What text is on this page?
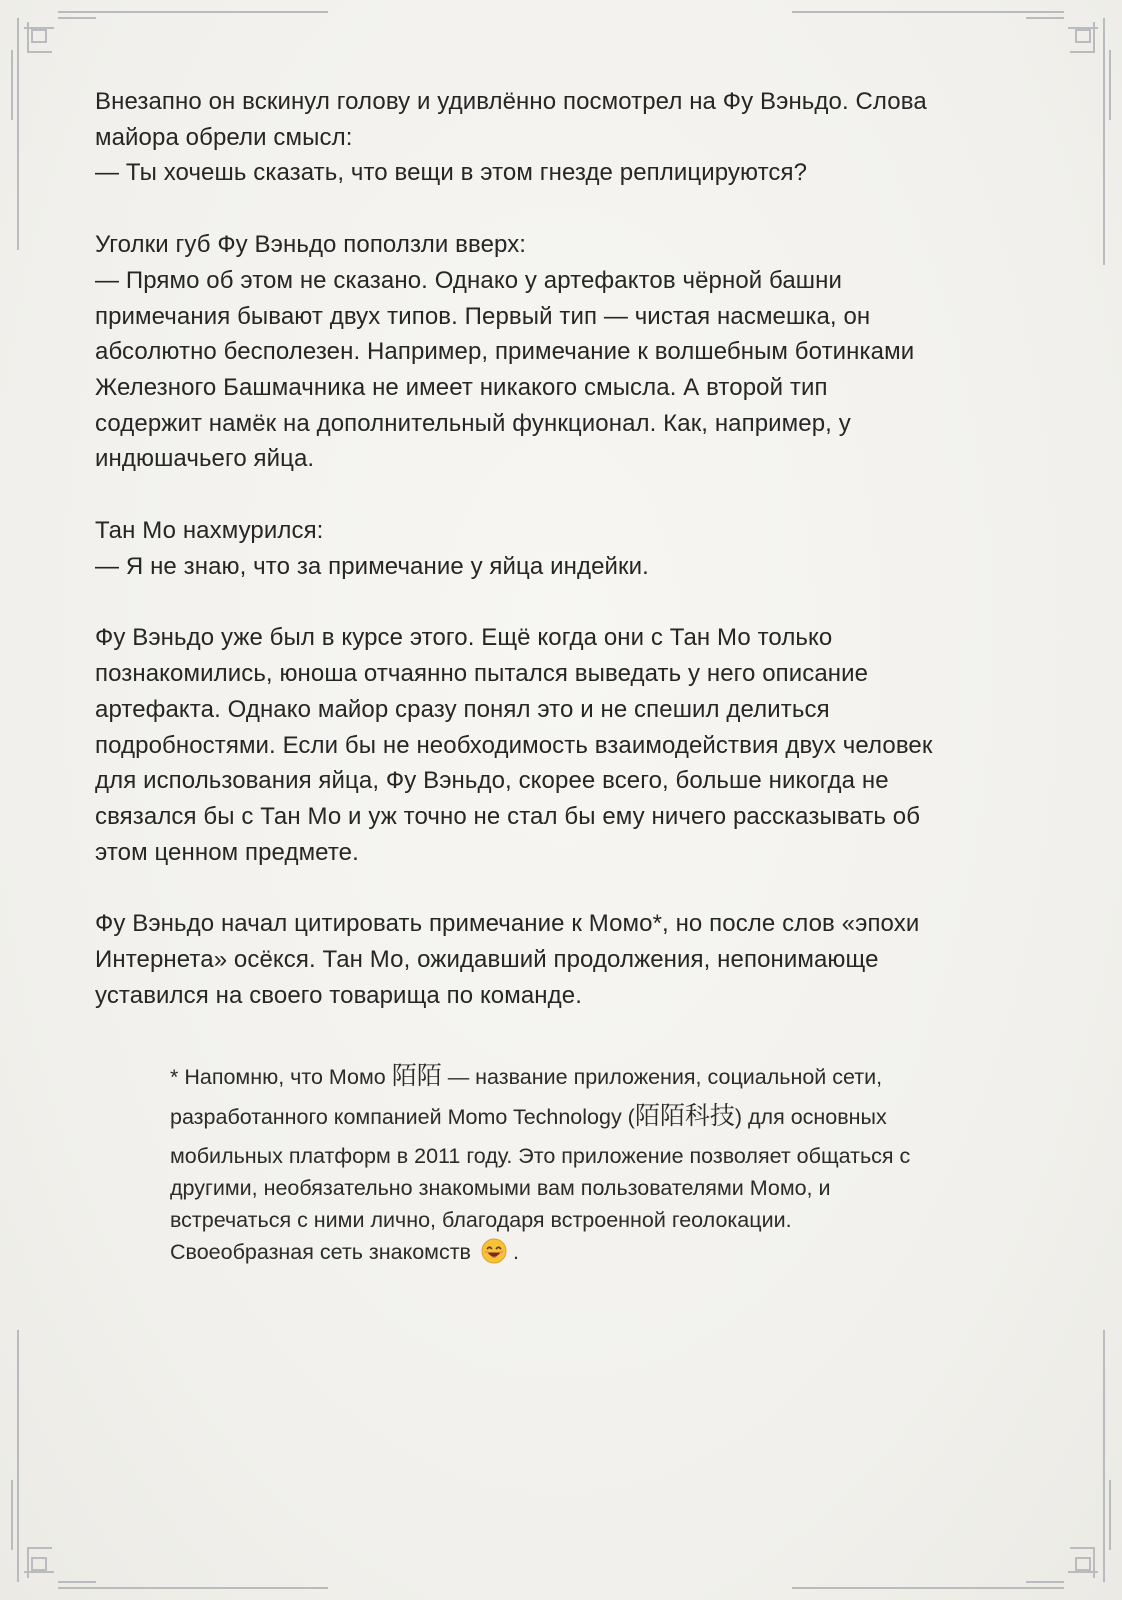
Внезапно он вскинул голову и удивлённо посмотрел на Фу Вэньдо. Слова
майора обрели смысл:
— Ты хочешь сказать, что вещи в этом гнезде реплицируются?

Уголки губ Фу Вэньдо поползли вверх:
— Прямо об этом не сказано. Однако у артефактов чёрной башни
примечания бывают двух типов. Первый тип — чистая насмешка, он
абсолютно бесполезен. Например, примечание к волшебным ботинками
Железного Башмачника не имеет никакого смысла. А второй тип
содержит намёк на дополнительный функционал. Как, например, у
индюшачьего яйца.

Тан Мо нахмурился:
— Я не знаю, что за примечание у яйца индейки.

Фу Вэньдо уже был в курсе этого. Ещё когда они с Тан Мо только
познакомились, юноша отчаянно пытался выведать у него описание
артефакта. Однако майор сразу понял это и не спешил делиться
подробностями. Если бы не необходимость взаимодействия двух человек
для использования яйца, Фу Вэньдо, скорее всего, больше никогда не
связался бы с Тан Мо и уж точно не стал бы ему ничего рассказывать об
этом ценном предмете.

Фу Вэньдо начал цитировать примечание к Момо*, но после слов «эпохи
Интернета» осёкся. Тан Мо, ожидавший продолжения, непонимающе
уставился на своего товарища по команде.

* Напомню, что Момо 陌陌 — название приложения, социальной сети,
разработанного компанией Momo Technology (陌陌科技) для основных
мобильных платформ в 2011 году. Это приложение позволяет общаться с
другими, необязательно знакомыми вам пользователями Момо, и
встречаться с ними лично, благодаря встроенной геолокации.
Своеобразная сеть знакомств .
